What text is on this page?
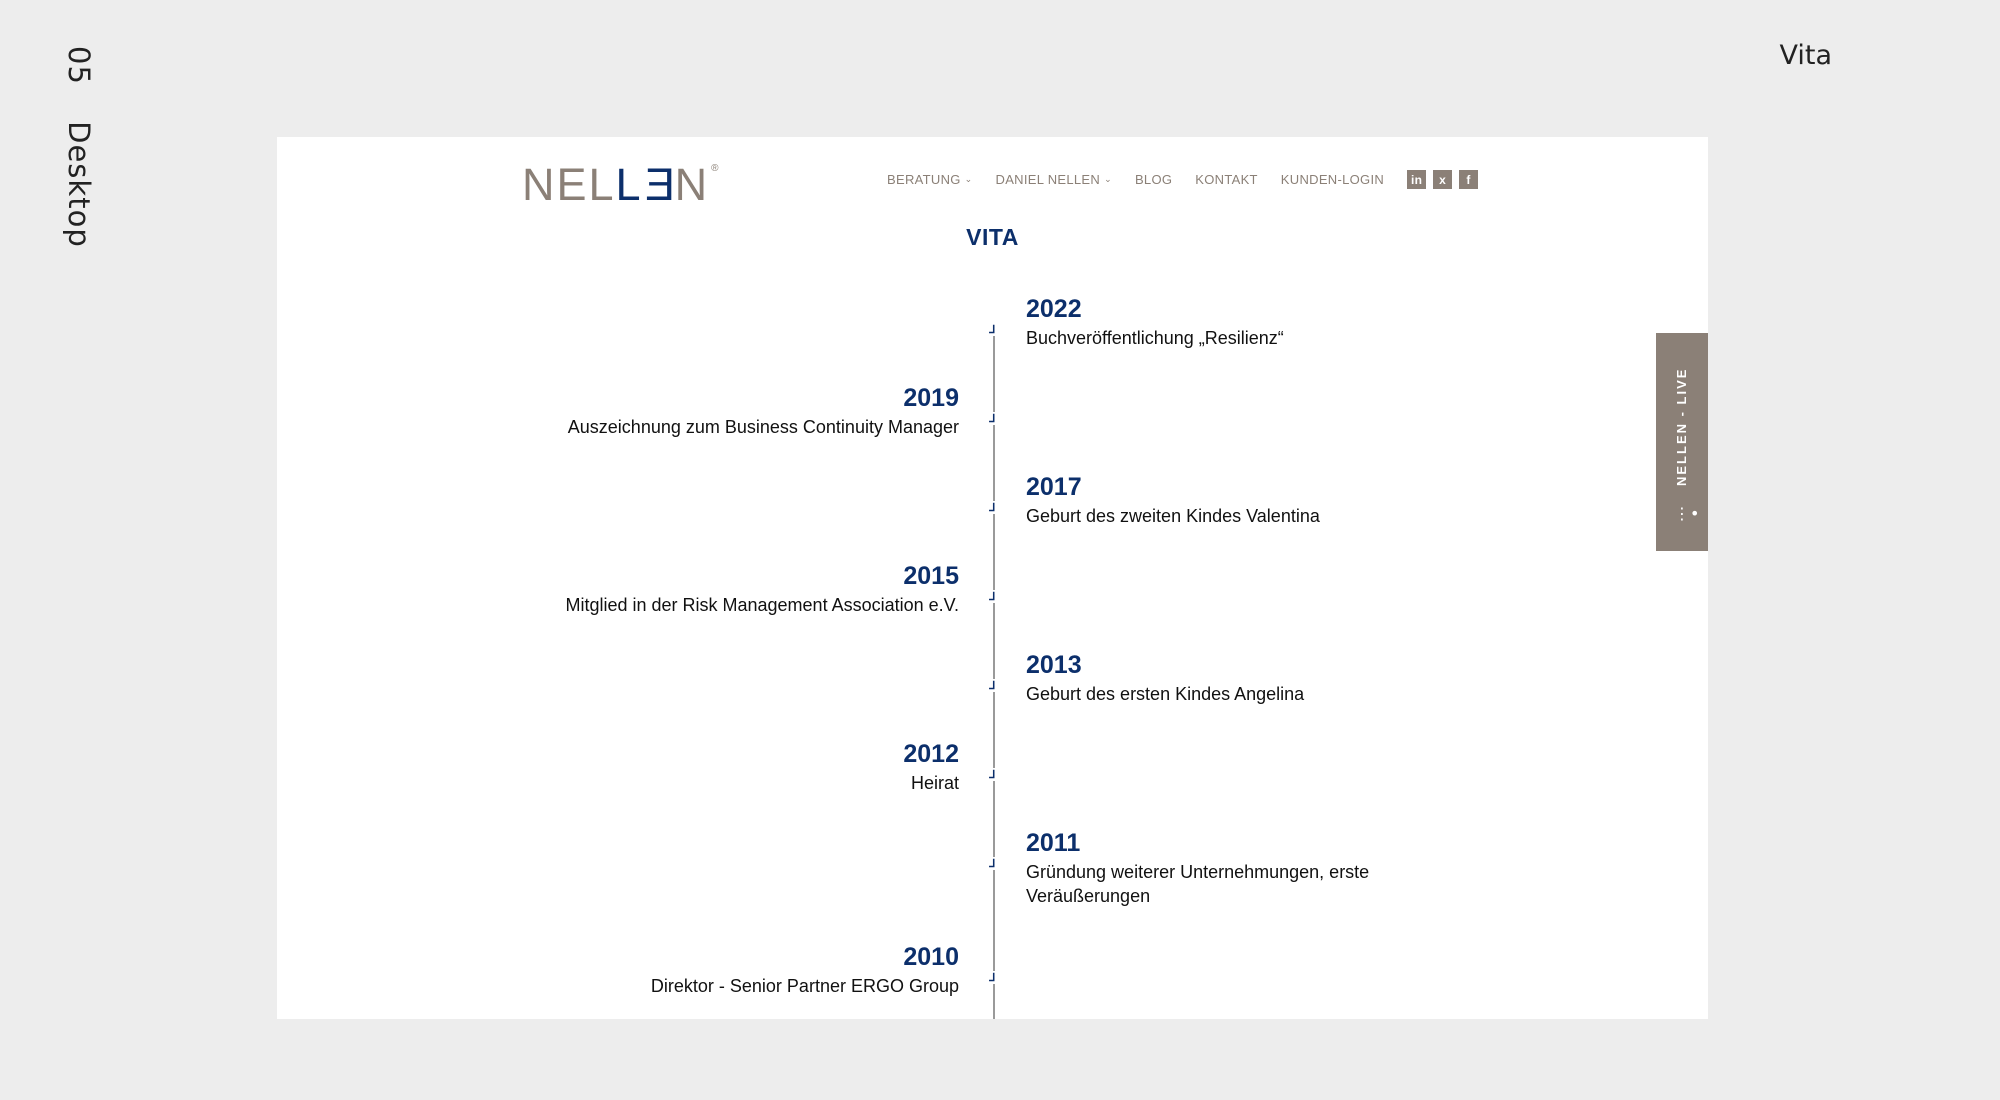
05 Desktop
Vita
NELLEN ®
BERATUNG ⌄ DANIEL NELLEN ⌄ BLOG KONTAKT KUNDEN-LOGIN	in	x	f
VITA
ᒧ
2022
Buchveröffentlichung „Resilienz“
ᒧ
2019
Auszeichnung zum Business Continuity Manager
ᒧ
2017
Geburt des zweiten Kindes Valentina
ᒧ
2015
Mitglied in der Risk Management Association e.V.
ᒧ
2013
Geburt des ersten Kindes Angelina
ᒧ
2012
Heirat
ᒧ
2011
Gründung weiterer Unternehmungen, erste Veräußerungen
ᒧ
2010
Direktor - Senior Partner ERGO Group
NELLEN - LIVE
⋮•
